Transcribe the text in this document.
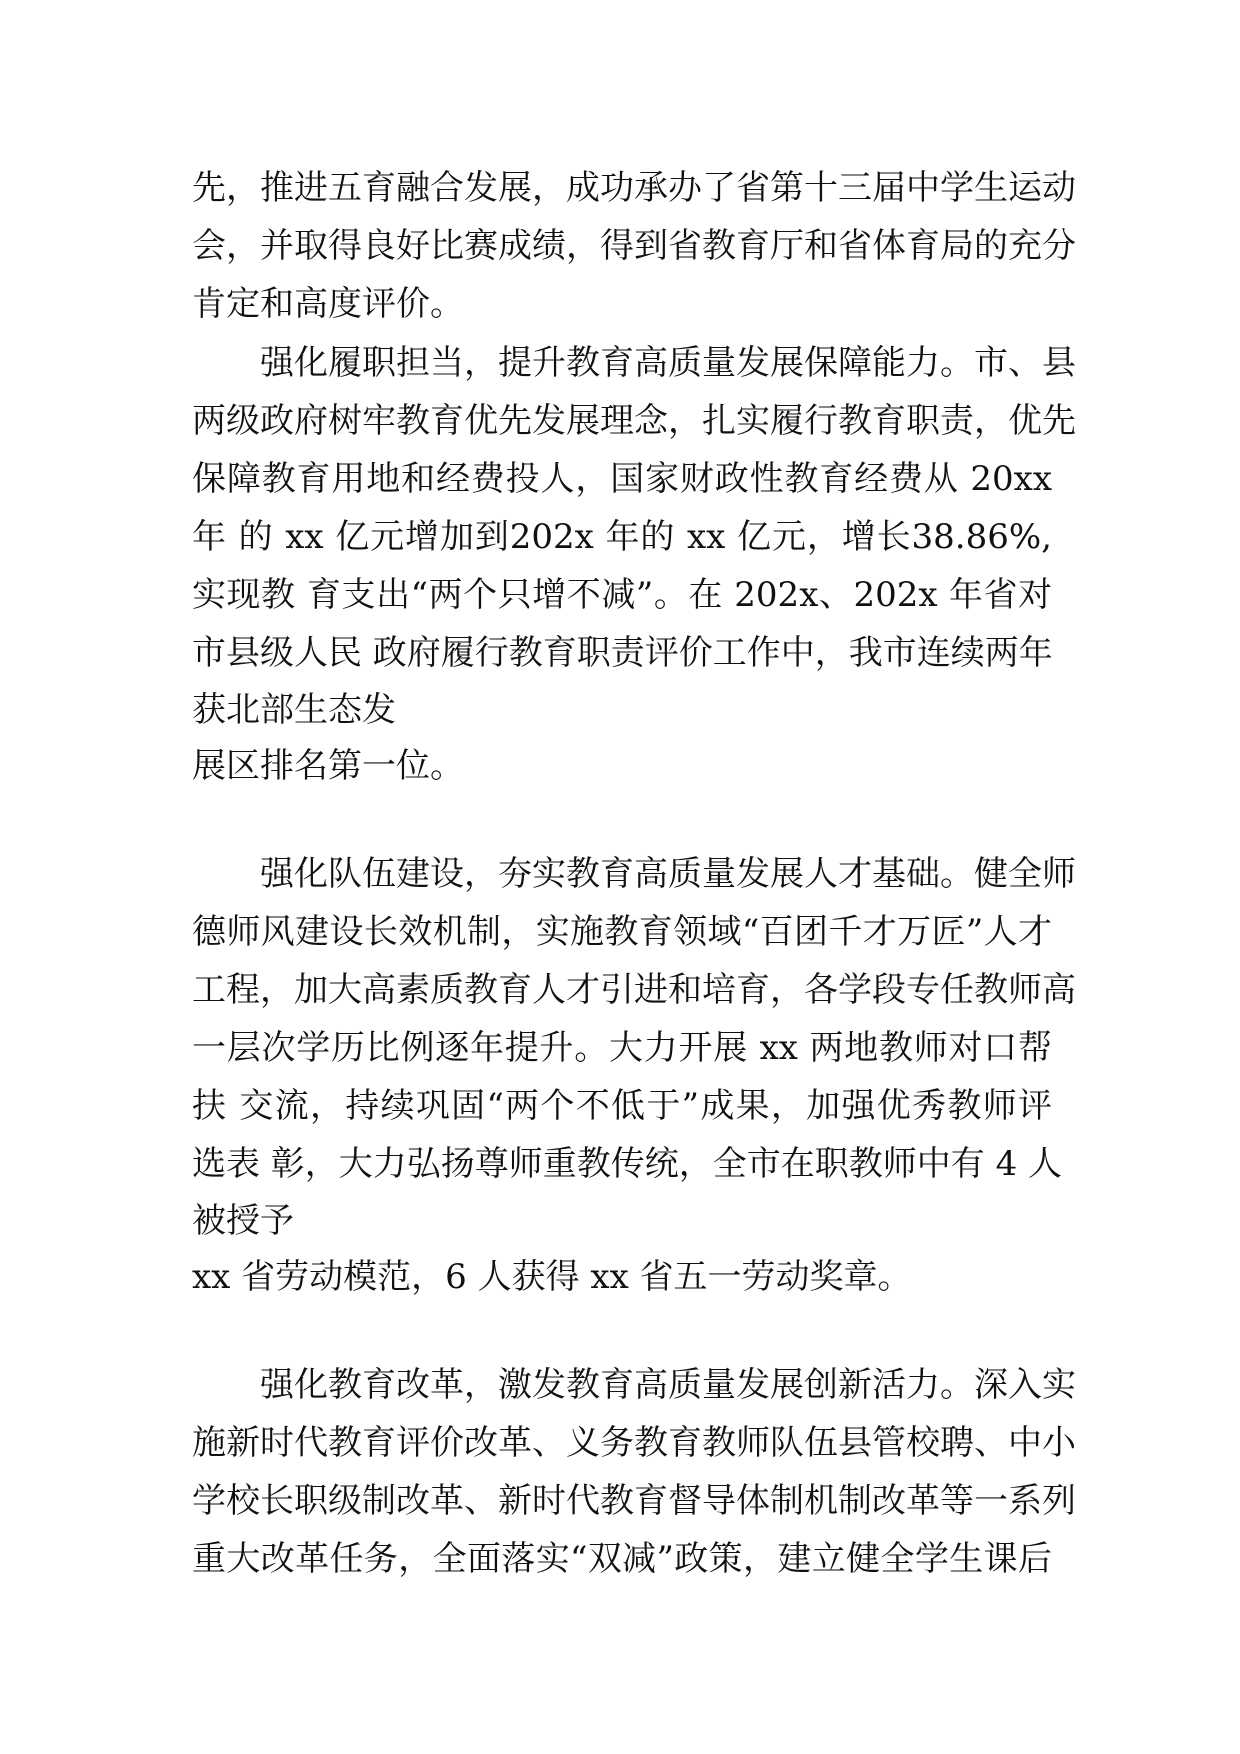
先，推进五育融合发展，成功承办了省第十三届中学生运动
会，并取得良好比赛成绩，得到省教育厅和省体育局的充分
肯定和高度评价。
强化履职担当，提升教育高质量发展保障能力。市、县
两级政府树牢教育优先发展理念，扎实履行教育职责，优先
保障教育用地和经费投人，国家财政性教育经费从 20xx
年 的 xx 亿元增加到202x 年的 xx 亿元，增长38.86%,
实现教 育支出“两个只增不减”。在 202x、202x 年省对
市县级人民 政府履行教育职责评价工作中，我市连续两年
获北部生态发
展区排名第一位。
强化队伍建设，夯实教育高质量发展人才基础。健全师
德师风建设长效机制，实施教育领域“百团千才万匠”人才
工程，加大高素质教育人才引进和培育，各学段专任教师高
一层次学历比例逐年提升。大力开展 xx 两地教师对口帮
扶 交流，持续巩固“两个不低于”成果，加强优秀教师评
选表 彰，大力弘扬尊师重教传统，全市在职教师中有 4 人
被授予
xx 省劳动模范，6 人获得 xx 省五一劳动奖章。
强化教育改革，激发教育高质量发展创新活力。深入实
施新时代教育评价改革、义务教育教师队伍县管校聘、中小
学校长职级制改革、新时代教育督导体制机制改革等一系列
重大改革任务，全面落实“双减”政策，建立健全学生课后
